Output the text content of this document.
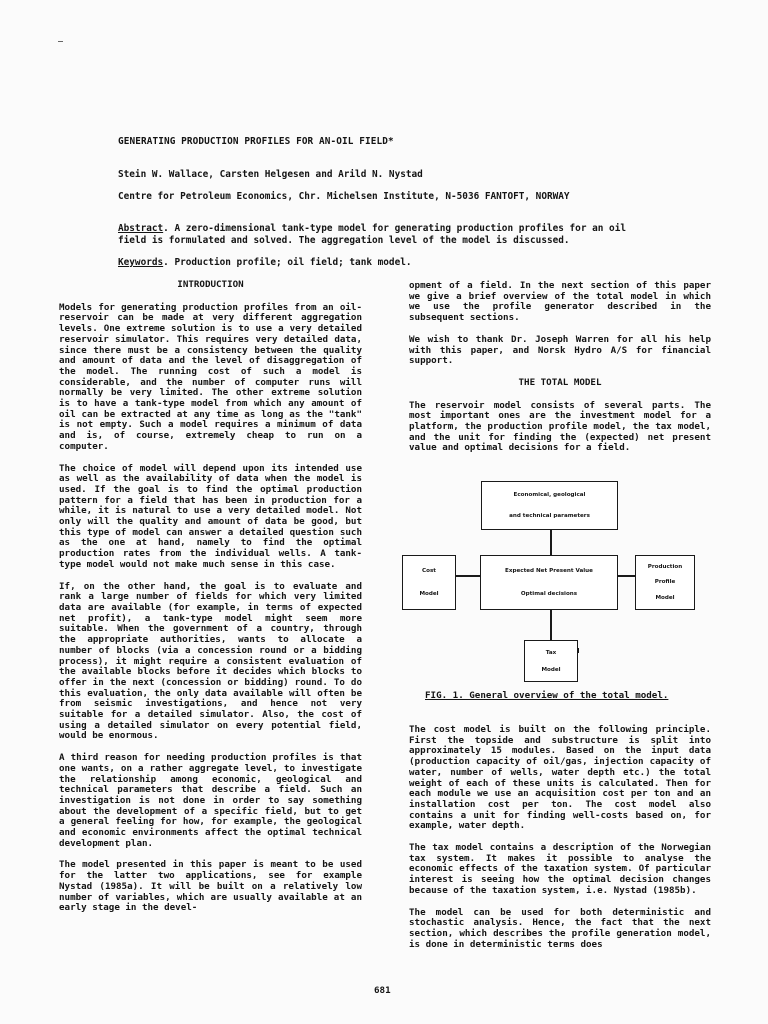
GENERATING PRODUCTION PROFILES FOR AN-OIL FIELD*
Stein W. Wallace, Carsten Helgesen and Arild N. Nystad
Centre for Petroleum Economics, Chr. Michelsen Institute, N-5036 FANTOFT, NORWAY
Abstract. A zero-dimensional tank-type model for generating production profiles for an oil field is formulated and solved. The aggregation level of the model is discussed.
Keywords. Production profile; oil field; tank model.
INTRODUCTION

Models for generating production profiles from an oil-reservoir can be made at very different aggregation levels. One extreme solution is to use a very detailed reservoir simulator. This requires very detailed data, since there must be a consistency between the quality and amount of data and the level of disaggregation of the model. The running cost of such a model is considerable, and the number of computer runs will normally be very limited. The other extreme solution is to have a tank-type model from which any amount of oil can be extracted at any time as long as the "tank" is not empty. Such a model requires a minimum of data and is, of course, extremely cheap to run on a computer.

The choice of model will depend upon its intended use as well as the availability of data when the model is used. If the goal is to find the optimal production pattern for a field that has been in production for a while, it is natural to use a very detailed model. Not only will the quality and amount of data be good, but this type of model can answer a detailed question such as the one at hand, namely to find the optimal production rates from the individual wells. A tank-type model would not make much sense in this case.

If, on the other hand, the goal is to evaluate and rank a large number of fields for which very limited data are available (for example, in terms of expected net profit), a tank-type model might seem more suitable. When the government of a country, through the appropriate authorities, wants to allocate a number of blocks (via a concession round or a bidding process), it might require a consistent evaluation of the available blocks before it decides which blocks to offer in the next (concession or bidding) round. To do this evaluation, the only data available will often be from seismic investigations, and hence not very suitable for a detailed simulator. Also, the cost of using a detailed simulator on every potential field, would be enormous.

A third reason for needing production profiles is that one wants, on a rather aggregate level, to investigate the relationship among economic, geological and technical parameters that describe a field. Such an investigation is not done in order to say something about the development of a specific field, but to get a general feeling for how, for example, the geological and economic environments affect the optimal technical development plan.

The model presented in this paper is meant to be used for the latter two applications, see for example Nystad (1985a). It will be built on a relatively low number of variables, which are usually available at an early stage in the devel-

opment of a field. In the next section of this paper we give a brief overview of the total model in which we use the profile generator described in the subsequent sections.

We wish to thank Dr. Joseph Warren for all his help with this paper, and Norsk Hydro A/S for financial support.

THE TOTAL MODEL

The reservoir model consists of several parts. The most important ones are the investment model for a platform, the production profile model, the tax model, and the unit for finding the (expected) net present value and optimal decisions for a field.

Economical, geological
and technical parameters
Expected Net Present Value
Optimal decisions
Cost
Model
Production
Profile
Model
Tax
Model
FIG. 1. General overview of the total model.

The cost model is built on the following principle. First the topside and substructure is split into approximately 15 modules. Based on the input data (production capacity of oil/gas, injection capacity of water, number of wells, water depth etc.) the total weight of each of these units is calculated. Then for each module we use an acquisition cost per ton and an installation cost per ton. The cost model also contains a unit for finding well-costs based on, for example, water depth.

The tax model contains a description of the Norwegian tax system. It makes it possible to analyse the economic effects of the taxation system. Of particular interest is seeing how the optimal decision changes because of the taxation system, i.e. Nystad (1985b).

The model can be used for both deterministic and stochastic analysis. Hence, the fact that the next section, which describes the profile generation model, is done in deterministic terms does

681
